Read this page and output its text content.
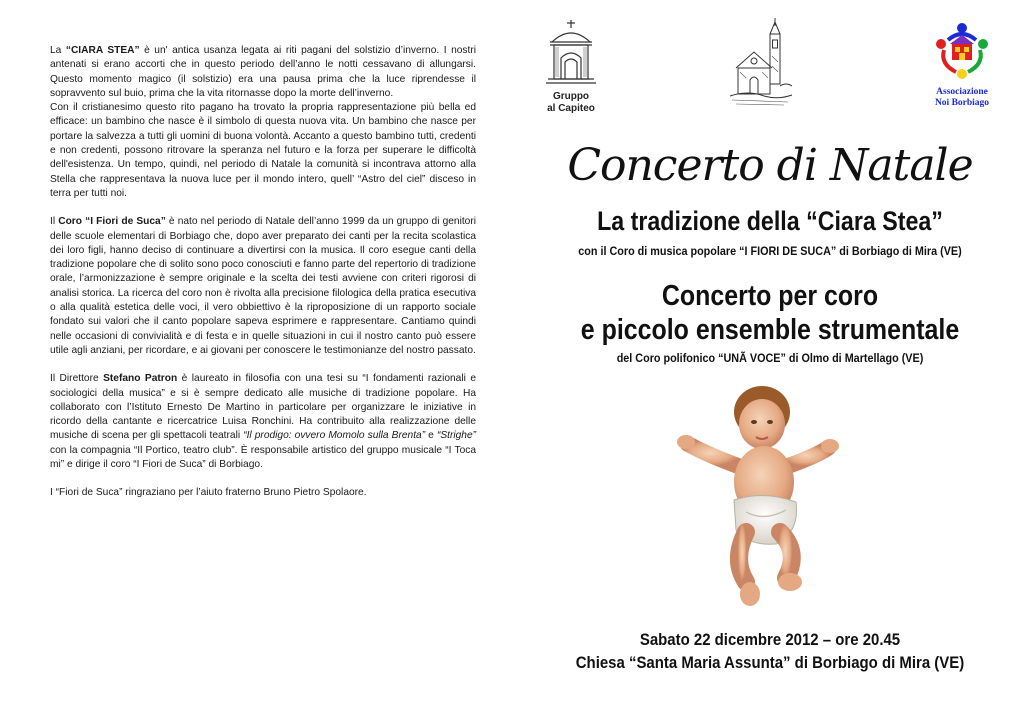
La “CIARA STEA” è un' antica usanza legata ai riti pagani del solstizio d’inverno. I nostri antenati si erano accorti che in questo periodo dell’anno le notti cessavano di allungarsi. Questo momento magico (il solstizio) era una pausa prima che la luce riprendesse il sopravvento sul buio, prima che la vita ritornasse dopo la morte dell’inverno.

Con il cristianesimo questo rito pagano ha trovato la propria rappresentazione più bella ed efficace: un bambino che nasce è il simbolo di questa nuova vita. Un bambino che nasce per portare la salvezza a tutti gli uomini di buona volontà. Accanto a questo bambino tutti, credenti e non credenti, possono ritrovare la speranza nel futuro e la forza per superare le difficoltà dell'esistenza. Un tempo, quindi, nel periodo di Natale la comunità si incontrava attorno alla Stella che rappresentava la nuova luce per il mondo intero, quell’ “Astro del ciel” disceso in terra per tutti noi.

Il Coro “I Fiori de Suca” è nato nel periodo di Natale dell’anno 1999 da un gruppo di genitori delle scuole elementari di Borbiago che, dopo aver preparato dei canti per la recita scolastica dei loro figli, hanno deciso di continuare a divertirsi con la musica. Il coro esegue canti della tradizione popolare che di solito sono poco conosciuti e fanno parte del repertorio di tradizione orale, l’armonizzazione è sempre originale e la scelta dei testi avviene con criteri rigorosi di analisi storica. La ricerca del coro non è rivolta alla precisione filologica della pratica esecutiva o alla qualità estetica delle voci, il vero obbiettivo è la riproposizione di un rapporto sociale fondato sui valori che il canto popolare sapeva esprimere e rappresentare. Cantiamo quindi nelle occasioni di convivialità e di festa e in quelle situazioni in cui il nostro canto può essere utile agli anziani, per ricordare, e ai giovani per conoscere le testimonianze del nostro passato.

Il Direttore Stefano Patron è laureato in filosofia con una tesi su “I fondamenti razionali e sociologici della musica” e si è sempre dedicato alle musiche di tradizione popolare. Ha collaborato con l’Istituto Ernesto De Martino in particolare per organizzare le iniziative in ricordo della cantante e ricercatrice Luisa Ronchini. Ha contribuito alla realizzazione delle musiche di scena per gli spettacoli teatrali “Il prodigo: ovvero Momolo sulla Brenta” e “Strighe” con la compagnia “Il Portico, teatro club”. È responsabile artistico del gruppo musicale “I Toca mi” e dirige il coro “I Fiori de Suca” di Borbiago.

I “Fiori de Suca” ringraziano per l’aiuto fraterno Bruno Pietro Spolaore.

Gruppo
al Capiteo
Associazione
Noi Borbiago
Concerto di Natale
La tradizione della “Ciara Stea”
con il Coro di musica popolare “I FIORI DE SUCA” di Borbiago di Mira (VE)
Concerto per coro
e piccolo ensemble strumentale
del Coro polifonico “UNÃ VOCE” di Olmo di Martellago (VE)
Sabato 22 dicembre 2012 – ore 20.45
Chiesa “Santa Maria Assunta” di Borbiago di Mira (VE)
